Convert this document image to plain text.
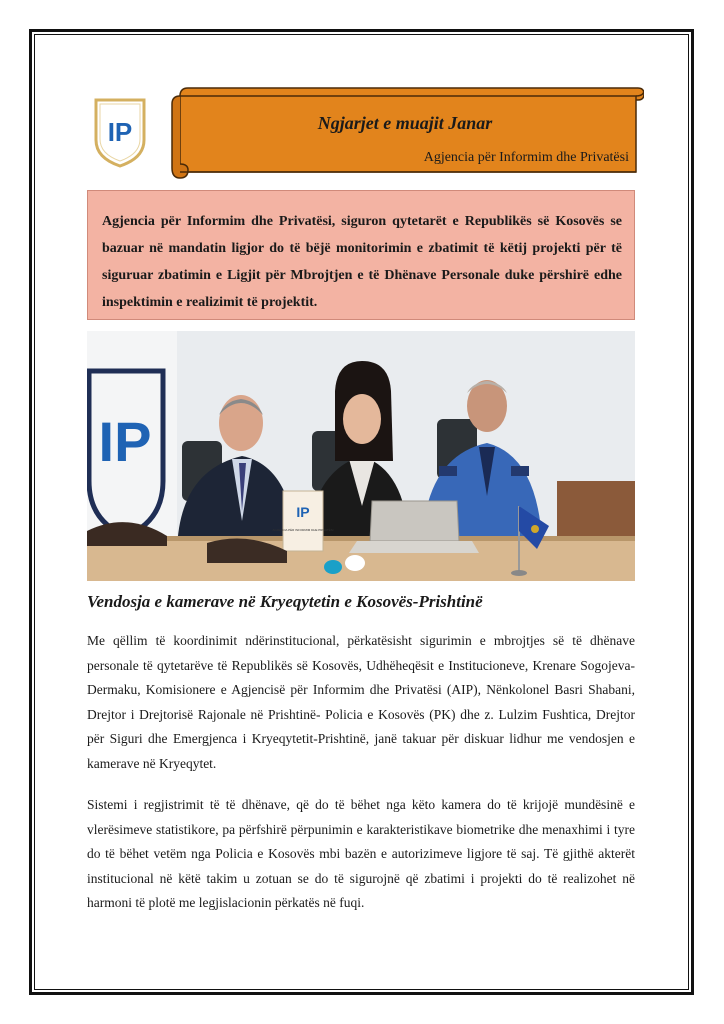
IP	Ngjarjet e muajit Janar
Agjencia për Informim dhe Privatësi

Agjencia për Informim dhe Privatësi, siguron qytetarët e Republikës së Kosovës se bazuar në mandatin ligjor do të bëjë monitorimin e zbatimit të këtij projekti për të siguruar zbatimin e Ligjit për Mbrojtjen e të Dhënave Personale duke përshirë edhe inspektimin e realizimit të projektit.

IP
IP
AGJENCIA PËR INFORMIM DHE PRIVATËSI
Vendosja e kamerave në Kryeqytetin e Kosovës-Prishtinë

Me qëllim të koordinimit ndërinstitucional, përkatësisht sigurimin e mbrojtjes së të dhënave personale të qytetarëve të Republikës së Kosovës, Udhëheqësit e Institucioneve, Krenare Sogojeva-Dermaku, Komisionere e Agjencisë për Informim dhe Privatësi (AIP), Nënkolonel Basri Shabani, Drejtor i Drejtorisë Rajonale në Prishtinë- Policia e Kosovës (PK) dhe z. Lulzim Fushtica, Drejtor për Siguri dhe Emergjenca i Kryeqytetit-Prishtinë, janë takuar për diskuar lidhur me vendosjen e kamerave në Kryeqytet.

Sistemi i regjistrimit të të dhënave, që do të bëhet nga këto kamera do të krijojë mundësinë e vlerësimeve statistikore, pa përfshirë përpunimin e karakteristikave biometrike dhe menaxhimi i tyre do të bëhet vetëm nga Policia e Kosovës mbi bazën e autorizimeve ligjore të saj. Të gjithë akterët institucional në këtë takim u zotuan se do të sigurojnë që zbatimi i projekti do të realizohet në harmoni të plotë me legjislacionin përkatës në fuqi.
